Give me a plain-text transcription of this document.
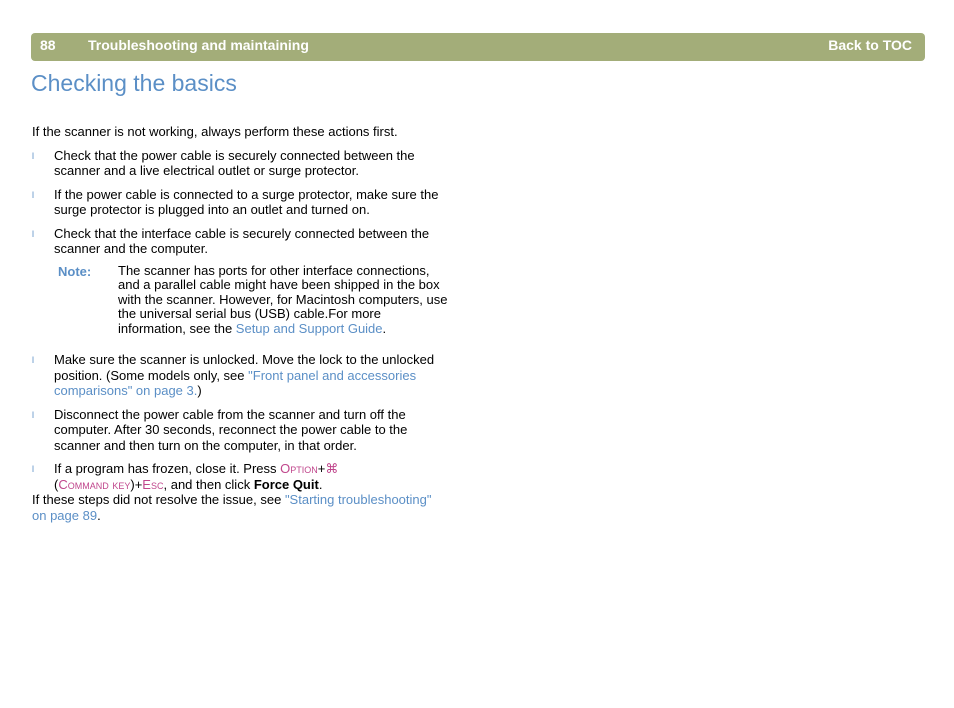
88 Troubleshooting and maintaining	Back to TOC
Checking the basics

If the scanner is not working, always perform these actions first.

l Check that the power cable is securely connected between the scanner and a live electrical outlet or surge protector.
l If the power cable is connected to a surge protector, make sure the surge protector is plugged into an outlet and turned on.
l Check that the interface cable is securely connected between the scanner and the computer.
Note: The scanner has ports for other interface connections, and a parallel cable might have been shipped in the box with the scanner. However, for Macintosh computers, use the universal serial bus (USB) cable.For more information, see the Setup and Support Guide.
l Make sure the scanner is unlocked. Move the lock to the unlocked position. (Some models only, see "Front panel and accessories comparisons" on page 3.)
l Disconnect the power cable from the scanner and turn off the computer. After 30 seconds, reconnect the power cable to the scanner and then turn on the computer, in that order.
l If a program has frozen, close it. Press Option+⌘
(Command key)+Esc, and then click Force Quit.

If these steps did not resolve the issue, see "Starting troubleshooting" on page 89.
